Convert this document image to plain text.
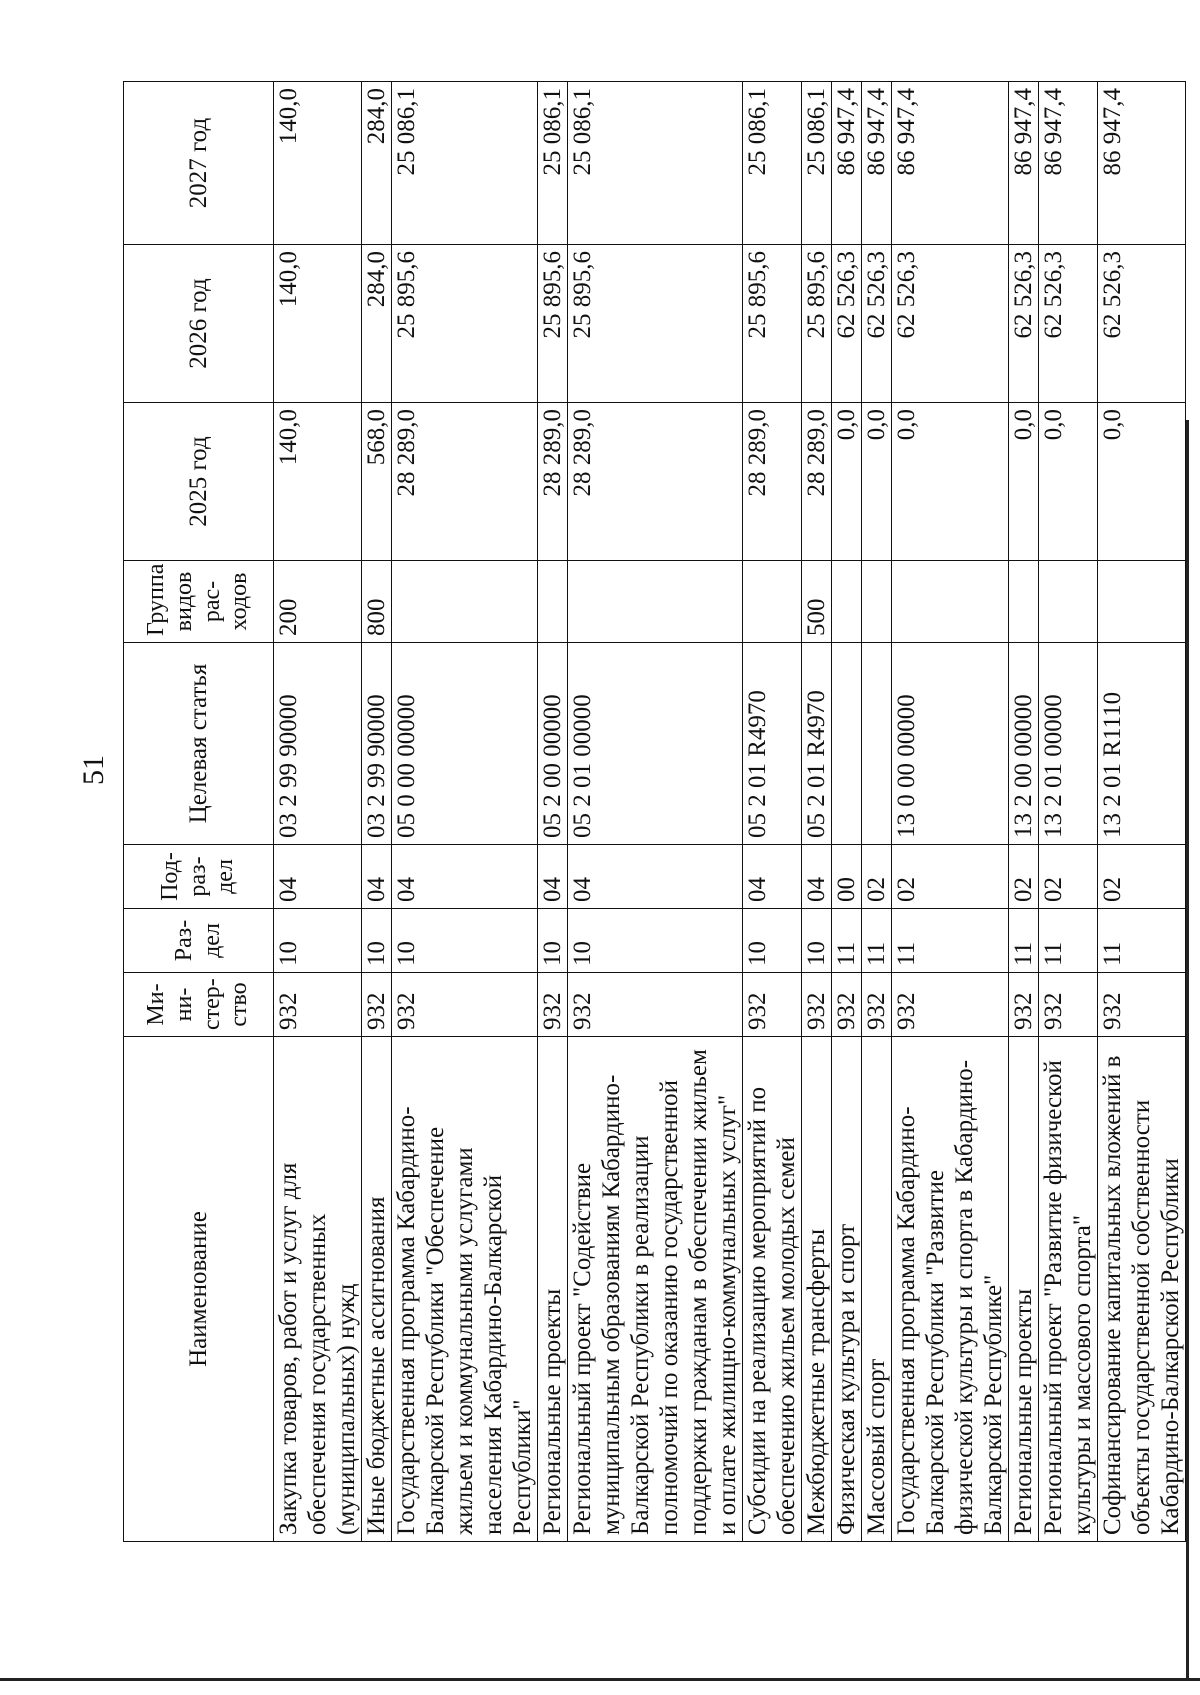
51
Наименование	Ми-
ни-
стер-
ство	Раз-
дел	Под-
раз-
дел	Целевая статья	Группа
видов
рас-
ходов	2025 год	2026 год	2027 год
Закупка товаров, работ и услуг для обеспечения государственных (муниципальных) нужд	932	10	04	03 2 99 90000	200	140,0	140,0	140,0
Иные бюджетные ассигнования	932	10	04	03 2 99 90000	800	568,0	284,0	284,0
Государственная программа Кабардино-Балкарской Республики "Обеспечение жильем и коммунальными услугами населения Кабардино-Балкарской Республики"	932	10	04	05 0 00 00000		28 289,0	25 895,6	25 086,1
Региональные проекты	932	10	04	05 2 00 00000		28 289,0	25 895,6	25 086,1
Региональный проект "Содействие муниципальным образованиям Кабардино-Балкарской Республики в реализации полномочий по оказанию государственной поддержки гражданам в обеспечении жильем и оплате жилищно-коммунальных услуг"	932	10	04	05 2 01 00000		28 289,0	25 895,6	25 086,1
Субсидии на реализацию мероприятий по обеспечению жильем молодых семей	932	10	04	05 2 01 R4970		28 289,0	25 895,6	25 086,1
Межбюджетные трансферты	932	10	04	05 2 01 R4970	500	28 289,0	25 895,6	25 086,1
Физическая культура и спорт	932	11	00			0,0	62 526,3	86 947,4
Массовый спорт	932	11	02			0,0	62 526,3	86 947,4
Государственная программа Кабардино-Балкарской Республики "Развитие физической культуры и спорта в Кабардино-Балкарской Республике"	932	11	02	13 0 00 00000		0,0	62 526,3	86 947,4
Региональные проекты	932	11	02	13 2 00 00000		0,0	62 526,3	86 947,4
Региональный проект "Развитие физической культуры и массового спорта"	932	11	02	13 2 01 00000		0,0	62 526,3	86 947,4
Софинансирование капитальных вложений в объекты государственной собственности Кабардино-Балкарской Республики	932	11	02	13 2 01 R1110		0,0	62 526,3	86 947,4
